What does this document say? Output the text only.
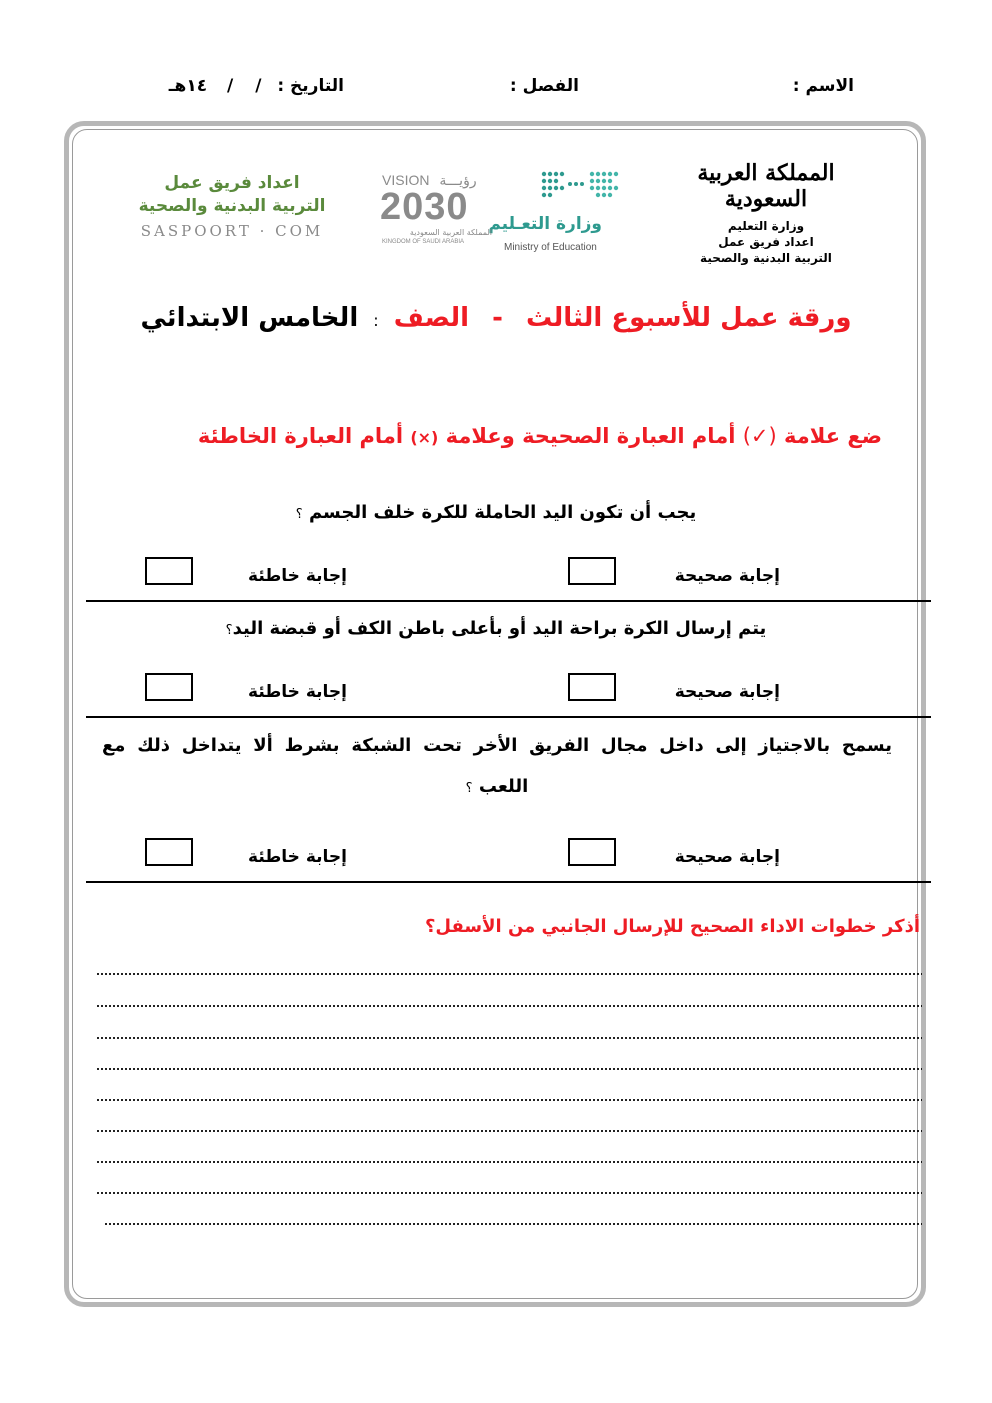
الاسم :
الفصل :
التاريخ : / / ١٤هـ
المملكة العربية السعودية
وزارة التعليم
اعداد فريق عمل
التربية البدنية والصحية
وزارة التعـليم
Ministry of Education
VISION رؤيـــة
2030
المملكة العربية السعودية
KINGDOM OF SAUDI ARABIA
اعداد فريق عمل
التربية البدنية والصحية
SASPOORT · COM
ورقة عمل للأسبوع الثالث - الصف : الخامس الابتدائي
ضع علامة (✓) أمام العبارة الصحيحة وعلامة (×) أمام العبارة الخاطئة
يجب أن تكون اليد الحاملة للكرة خلف الجسم ؟
إجابة صحيحة
إجابة خاطئة
يتم إرسال الكرة براحة اليد أو بأعلى باطن الكف أو قبضة اليد؟
إجابة صحيحة
إجابة خاطئة
يسمح بالاجتياز إلى داخل مجال الفريق الأخر تحت الشبكة بشرط ألا يتداخل ذلك مع
اللعب ؟
إجابة صحيحة
إجابة خاطئة
أذكر خطوات الاداء الصحيح للإرسال الجانبي من الأسفل؟
